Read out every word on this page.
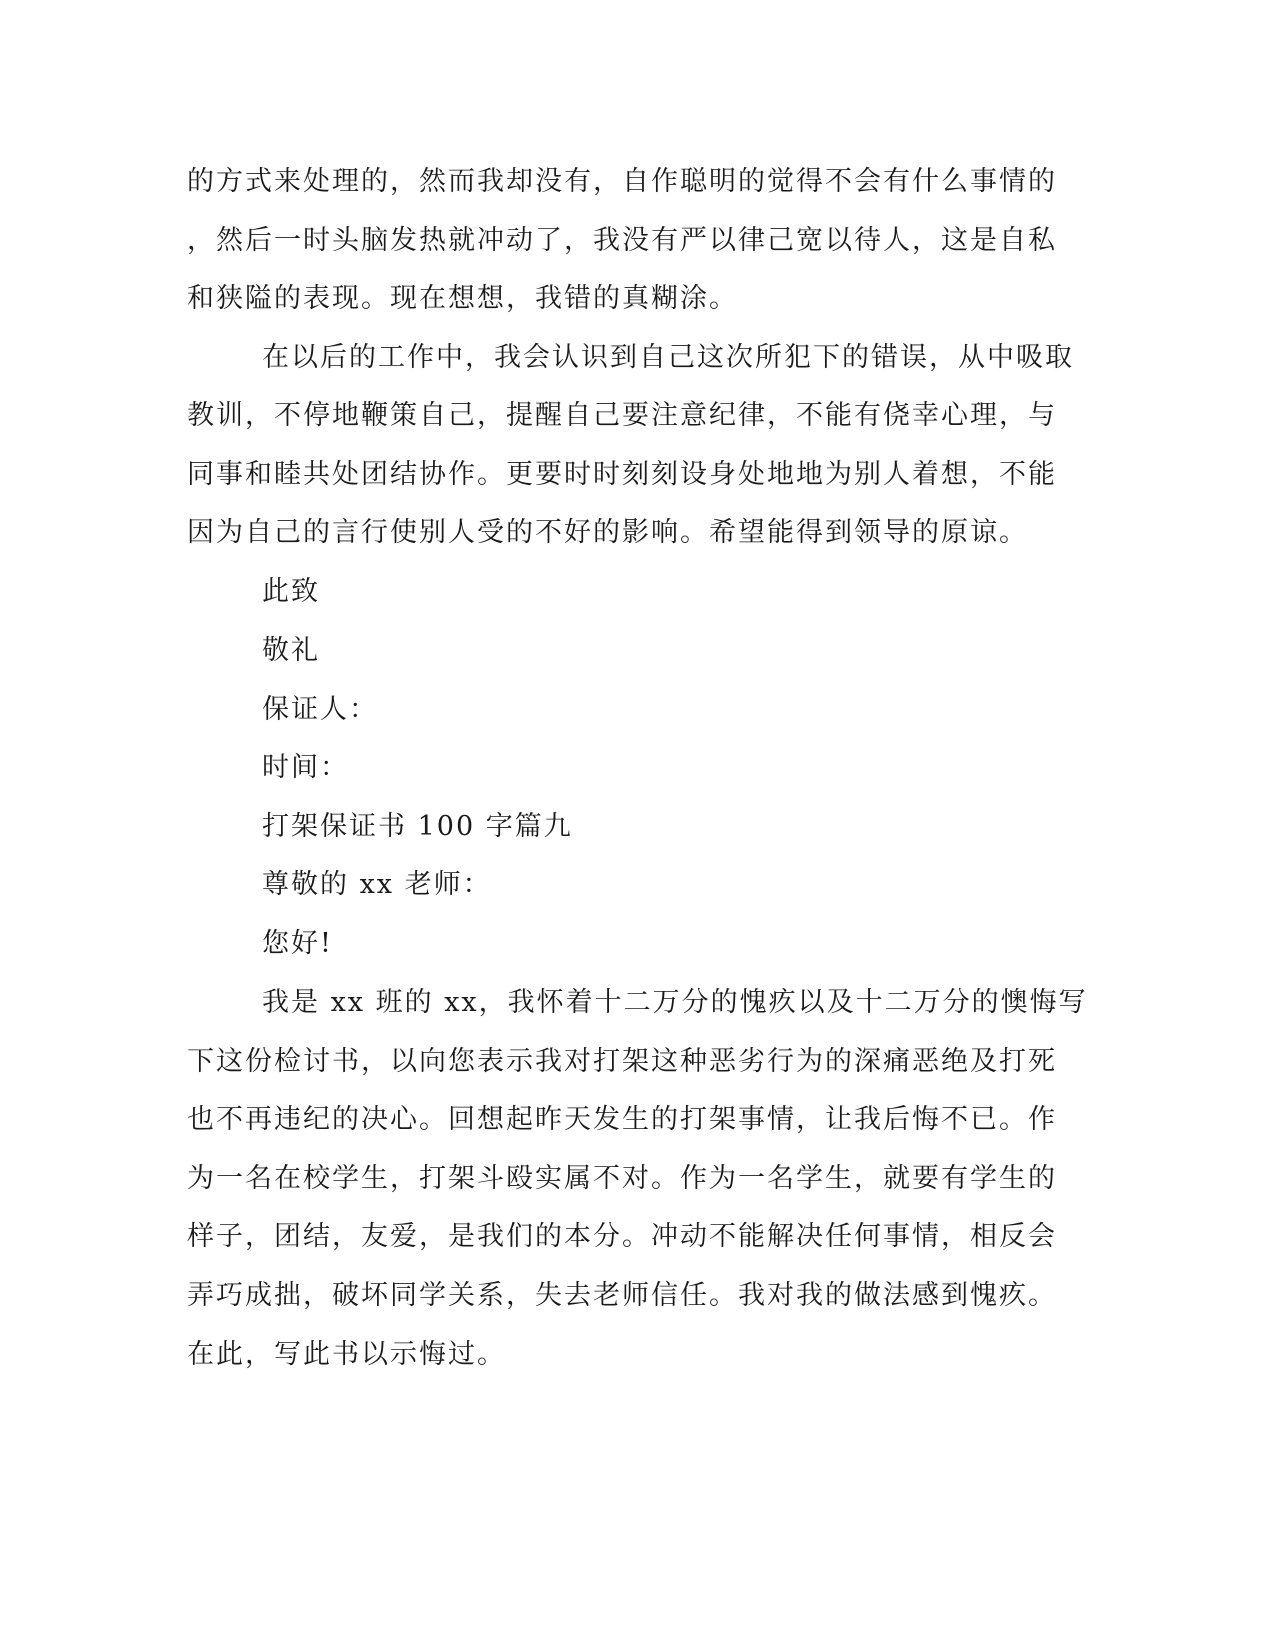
的方式来处理的，然而我却没有，自作聪明的觉得不会有什么事情的
，然后一时头脑发热就冲动了，我没有严以律己宽以待人，这是自私
和狭隘的表现。现在想想，我错的真糊涂。
在以后的工作中，我会认识到自己这次所犯下的错误，从中吸取
教训，不停地鞭策自己，提醒自己要注意纪律，不能有侥幸心理，与
同事和睦共处团结协作。更要时时刻刻设身处地地为别人着想，不能
因为自己的言行使别人受的不好的影响。希望能得到领导的原谅。
此致
敬礼
保证人：
时间：
打架保证书 100 字篇九
尊敬的 xx 老师：
您好!
我是 xx 班的 xx，我怀着十二万分的愧疚以及十二万分的懊悔写
下这份检讨书，以向您表示我对打架这种恶劣行为的深痛恶绝及打死
也不再违纪的决心。回想起昨天发生的打架事情，让我后悔不已。作
为一名在校学生，打架斗殴实属不对。作为一名学生，就要有学生的
样子，团结，友爱，是我们的本分。冲动不能解决任何事情，相反会
弄巧成拙，破坏同学关系，失去老师信任。我对我的做法感到愧疚。
在此，写此书以示悔过。
